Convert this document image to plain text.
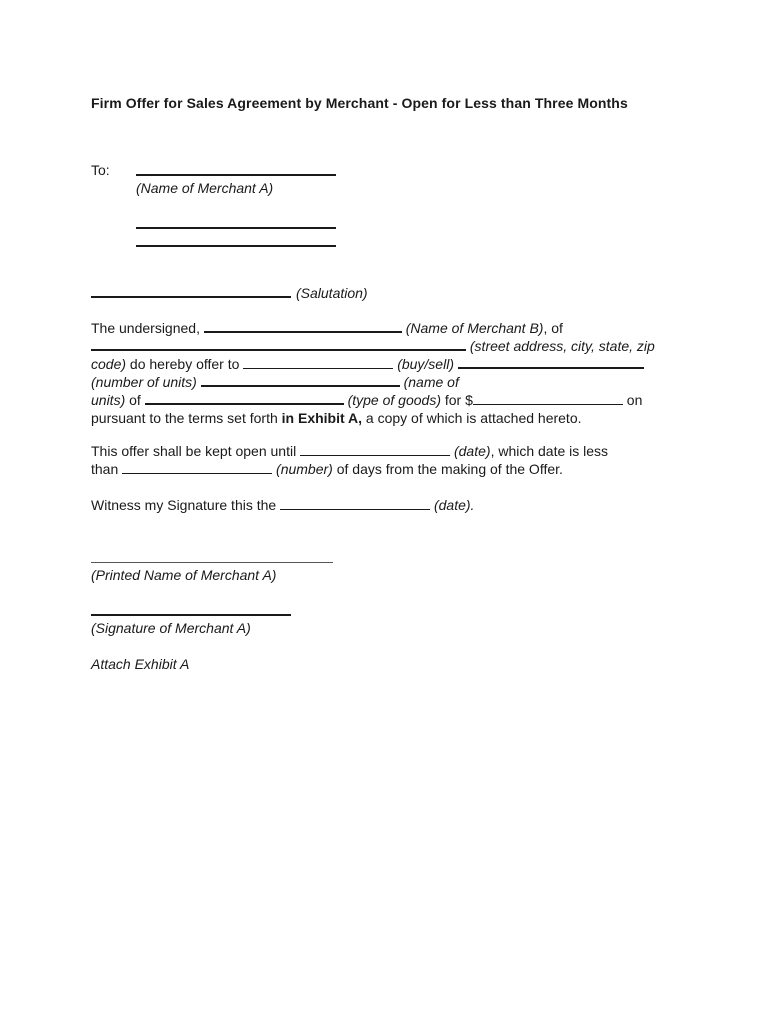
Firm Offer for Sales Agreement by Merchant - Open for Less than Three Months
To:
(Name of Merchant A)
(Salutation)
The undersigned,	(Name of Merchant B), of
(street address, city, state, zip
code) do hereby offer to	(buy/sell)
(number of units)	(name of
units) of	(type of goods) for $	on
pursuant to the terms set forth in Exhibit A, a copy of which is attached hereto.
This offer shall be kept open until	(date), which date is less
than	(number) of days from the making of the Offer.
Witness my Signature this the	(date).
(Printed Name of Merchant A)
(Signature of Merchant A)
Attach Exhibit A
